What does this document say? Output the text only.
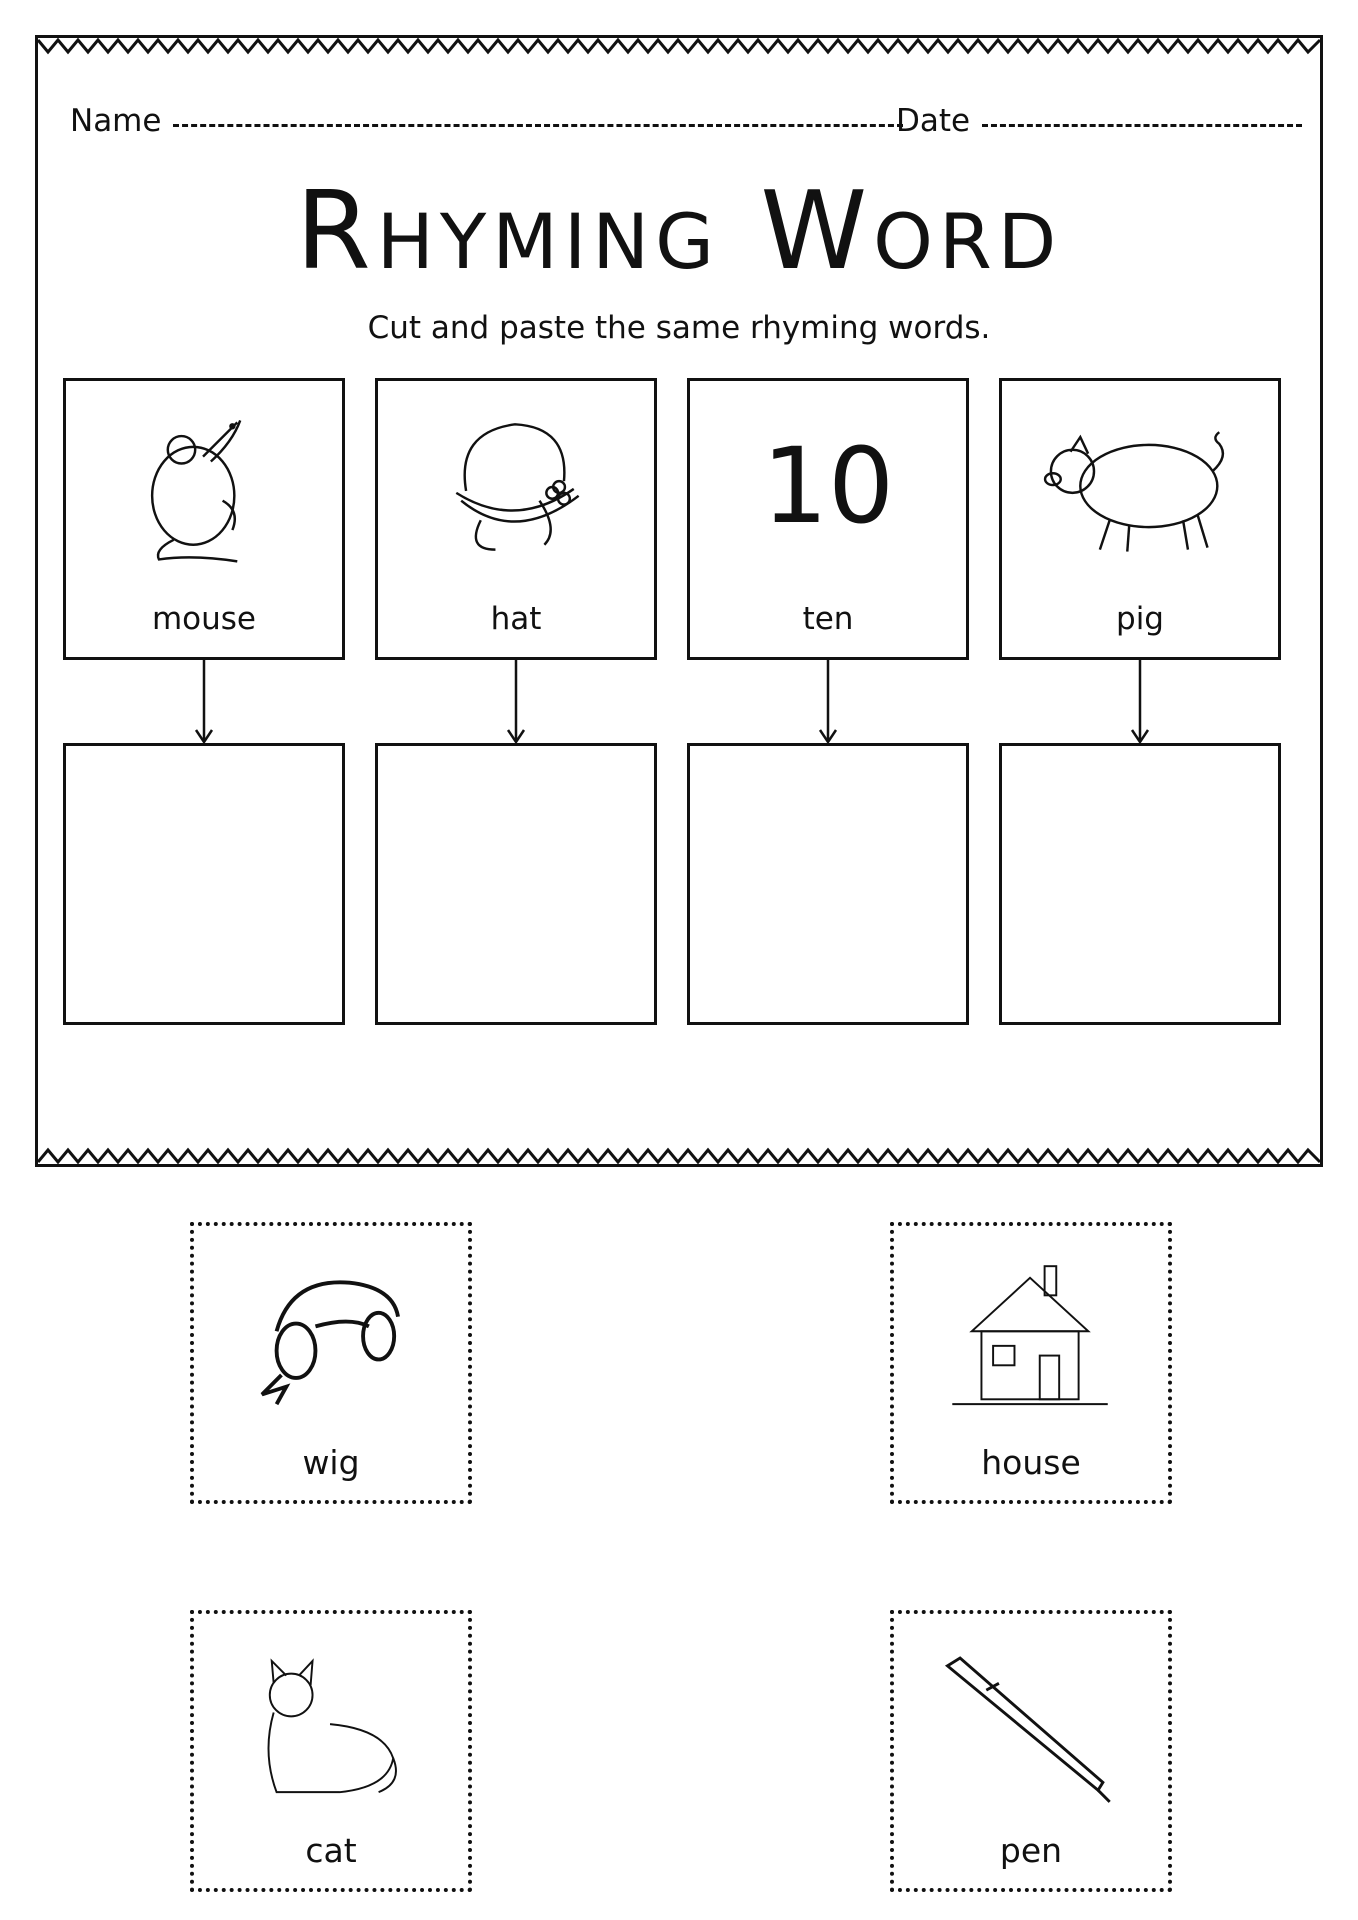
Name	Date
Rhyming Word
Cut and paste the same rhyming words.
mouse	hat
10
ten	pig
wig	house
cat	pen
